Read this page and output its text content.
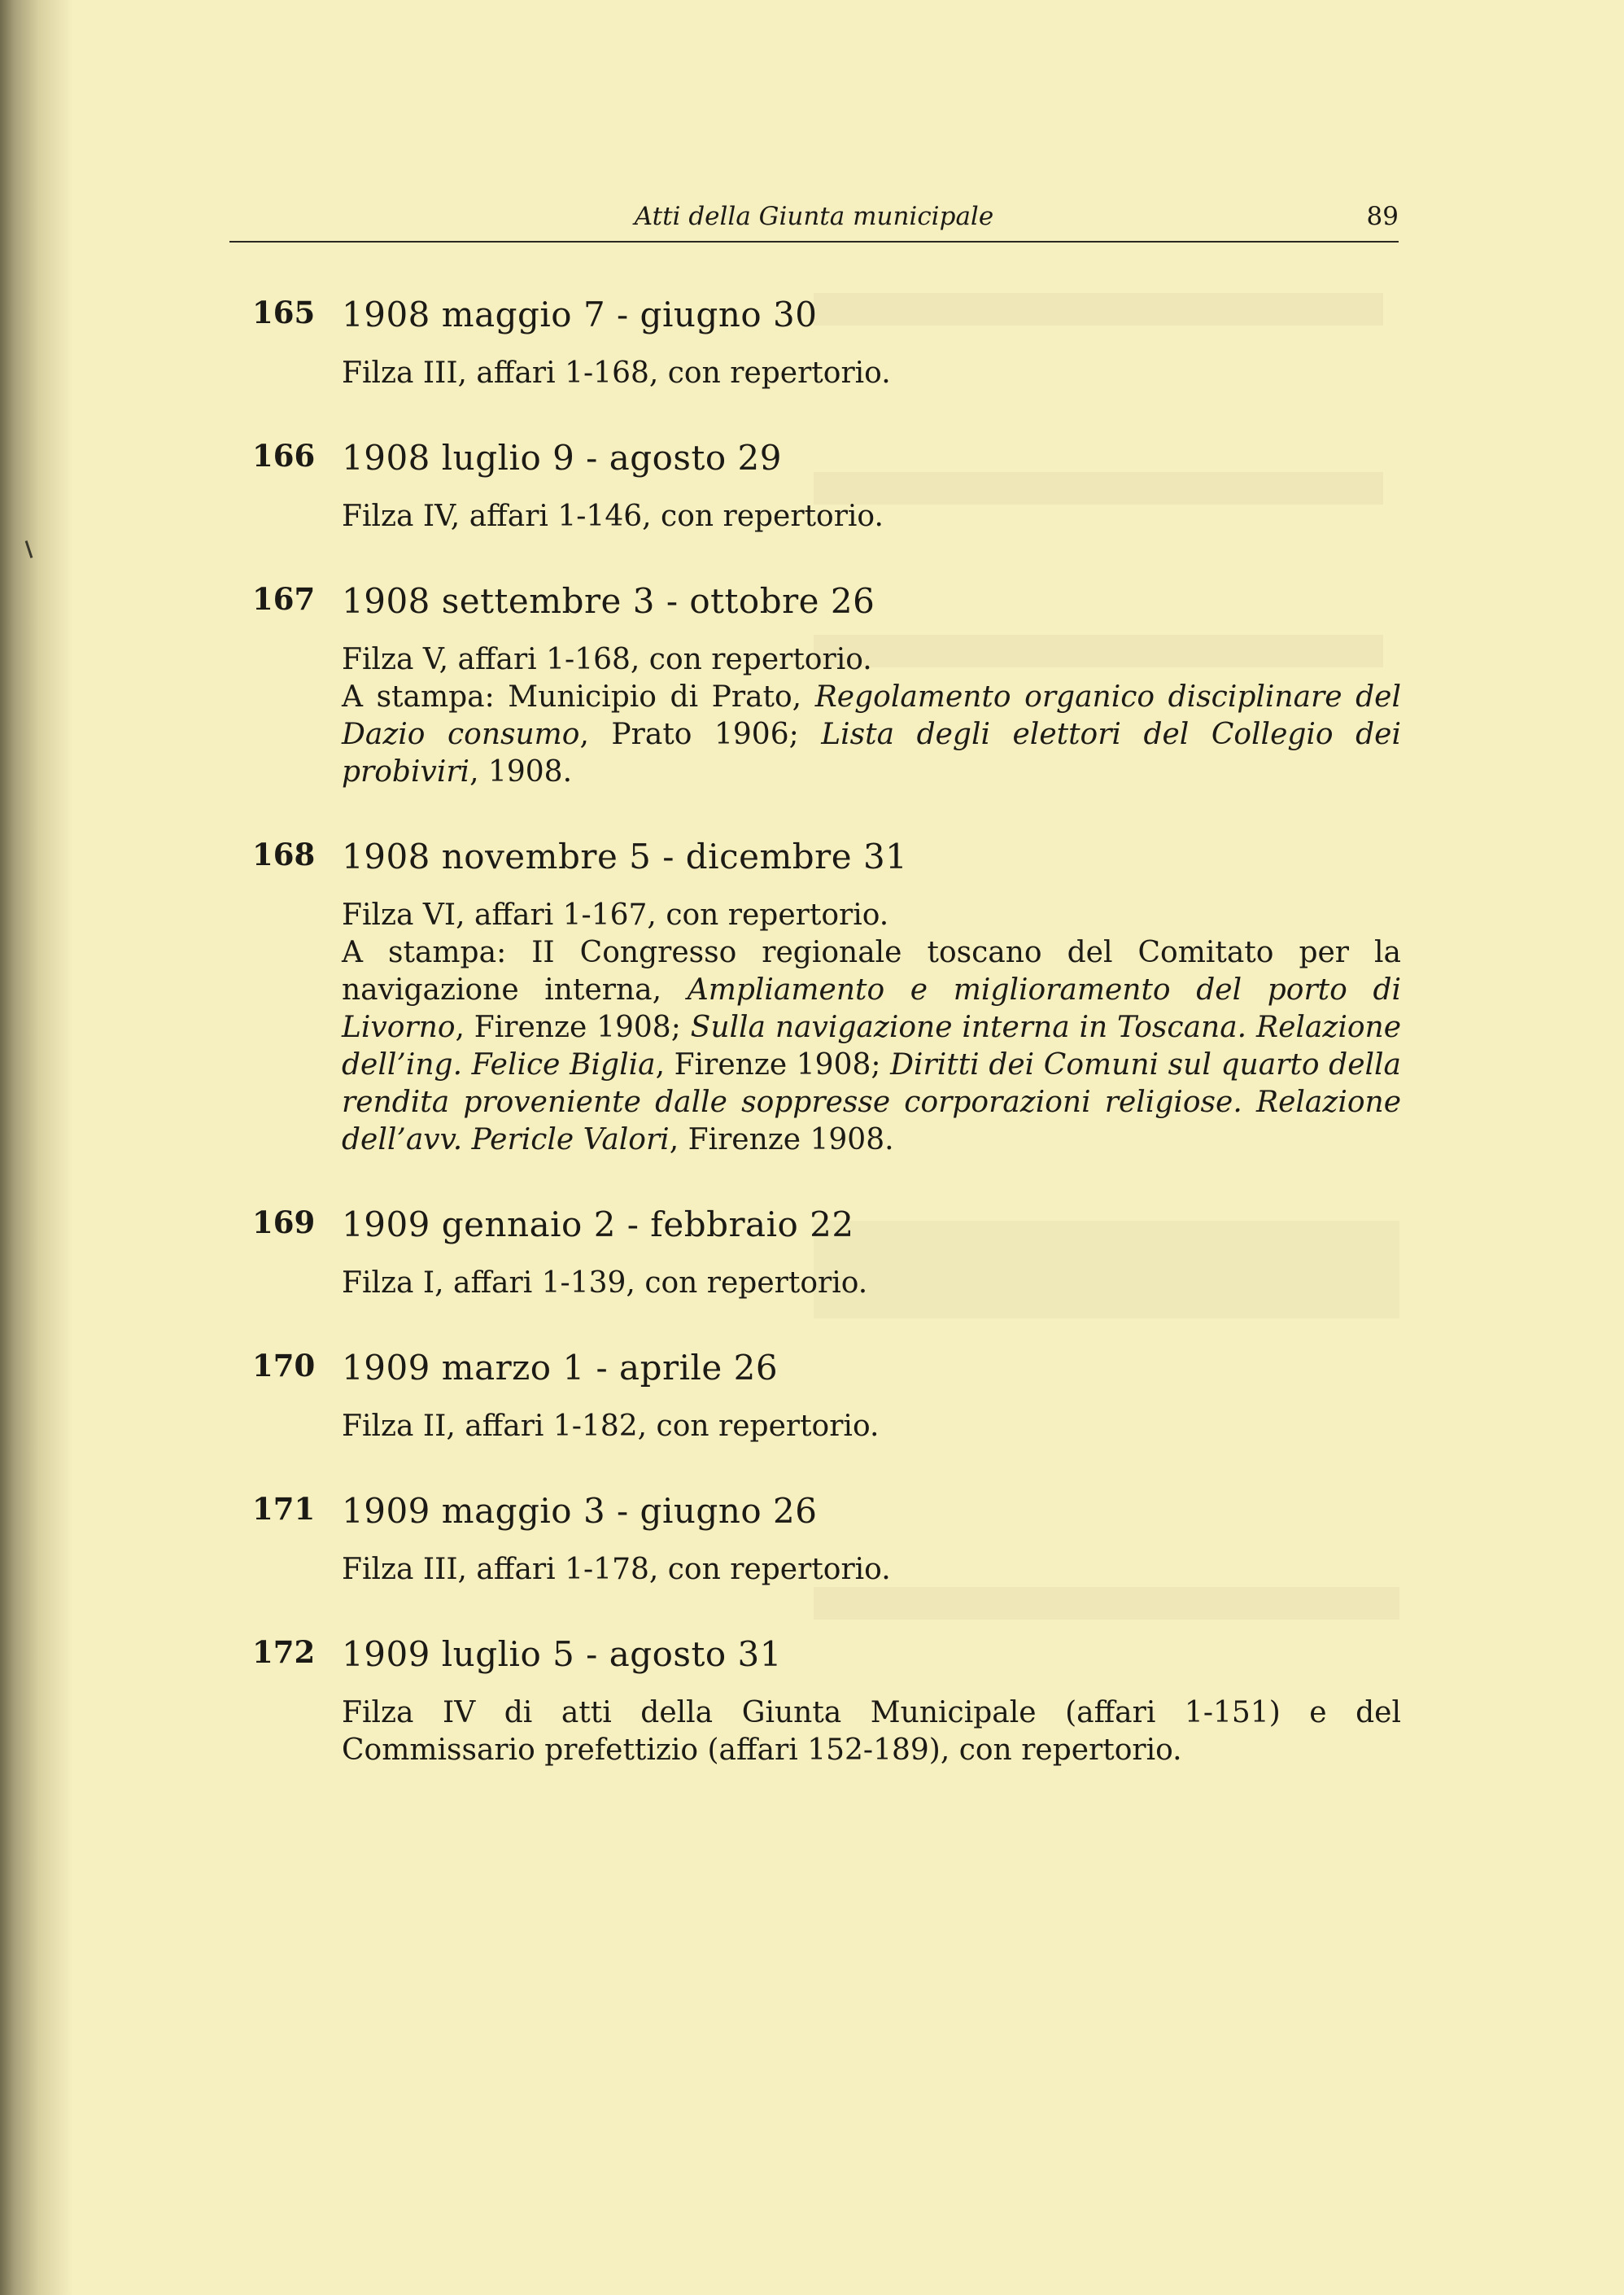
Atti della Giunta municipale	89
165 1908 maggio 7 - giugno 30

Filza III, affari 1-168, con repertorio.

166 1908 luglio 9 - agosto 29

Filza IV, affari 1-146, con repertorio.

167 1908 settembre 3 - ottobre 26

Filza V, affari 1-168, con repertorio.

A stampa: Municipio di Prato, Regolamento organico disciplinare del Dazio consumo, Prato 1906; Lista degli elettori del Collegio dei probiviri, 1908.

168 1908 novembre 5 - dicembre 31

Filza VI, affari 1-167, con repertorio.

A stampa: II Congresso regionale toscano del Comitato per la navigazione interna, Ampliamento e miglioramento del porto di Livorno, Firenze 1908; Sulla navigazione interna in Toscana. Relazione dell’ing. Felice Biglia, Firenze 1908; Diritti dei Comuni sul quarto della rendita proveniente dalle soppresse corporazioni religiose. Relazione dell’avv. Pericle Valori, Firenze 1908.

169 1909 gennaio 2 - febbraio 22

Filza I, affari 1-139, con repertorio.

170 1909 marzo 1 - aprile 26

Filza II, affari 1-182, con repertorio.

171 1909 maggio 3 - giugno 26

Filza III, affari 1-178, con repertorio.

172 1909 luglio 5 - agosto 31

Filza IV di atti della Giunta Municipale (affari 1-151) e del Commissario prefettizio (affari 152-189), con repertorio.
